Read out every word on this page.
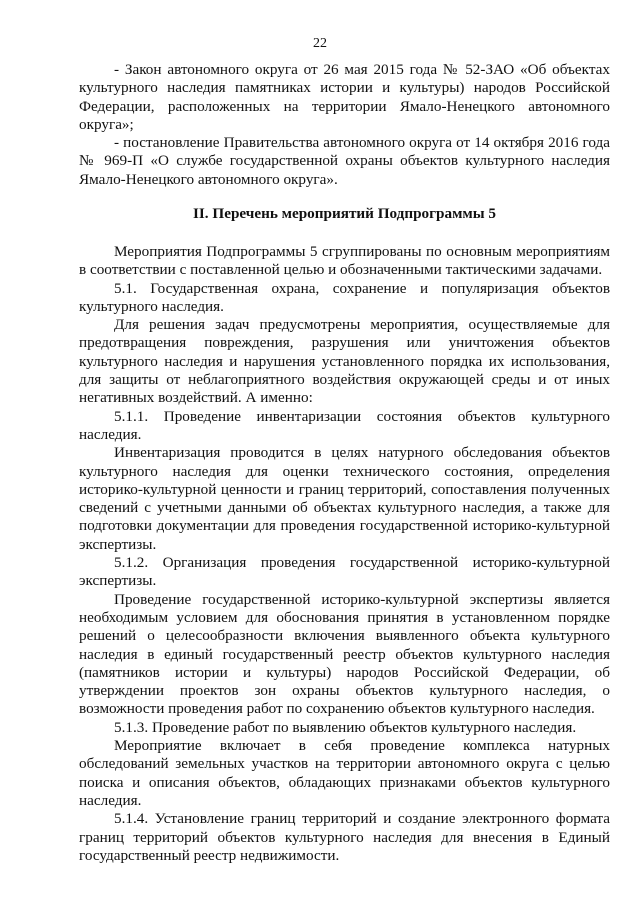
22

- Закон автономного округа от 26 мая 2015 года № 52-ЗАО «Об объектах культурного наследия памятниках истории и культуры) народов Российской Федерации, расположенных на территории Ямало-Ненецкого автономного округа»;

- постановление Правительства автономного округа от 14 октября 2016 года № 969-П «О службе государственной охраны объектов культурного наследия Ямало-Ненецкого автономного округа».

II. Перечень мероприятий Подпрограммы 5

Мероприятия Подпрограммы 5 сгруппированы по основным мероприятиям в соответствии с поставленной целью и обозначенными тактическими задачами.

5.1. Государственная охрана, сохранение и популяризация объектов культурного наследия.

Для решения задач предусмотрены мероприятия, осуществляемые для предотвращения повреждения, разрушения или уничтожения объектов культурного наследия и нарушения установленного порядка их использования, для защиты от неблагоприятного воздействия окружающей среды и от иных негативных воздействий. А именно:

5.1.1. Проведение инвентаризации состояния объектов культурного наследия.

Инвентаризация проводится в целях натурного обследования объектов культурного наследия для оценки технического состояния, определения историко-культурной ценности и границ территорий, сопоставления полученных сведений с учетными данными об объектах культурного наследия, а также для подготовки документации для проведения государственной историко-культурной экспертизы.

5.1.2. Организация проведения государственной историко-культурной экспертизы.

Проведение государственной историко-культурной экспертизы является необходимым условием для обоснования принятия в установленном порядке решений о целесообразности включения выявленного объекта культурного наследия в единый государственный реестр объектов культурного наследия (памятников истории и культуры) народов Российской Федерации, об утверждении проектов зон охраны объектов культурного наследия, о возможности проведения работ по сохранению объектов культурного наследия.

5.1.3. Проведение работ по выявлению объектов культурного наследия.

Мероприятие включает в себя проведение комплекса натурных обследований земельных участков на территории автономного округа с целью поиска и описания объектов, обладающих признаками объектов культурного наследия.

5.1.4. Установление границ территорий и создание электронного формата границ территорий объектов культурного наследия для внесения в Единый государственный реестр недвижимости.
